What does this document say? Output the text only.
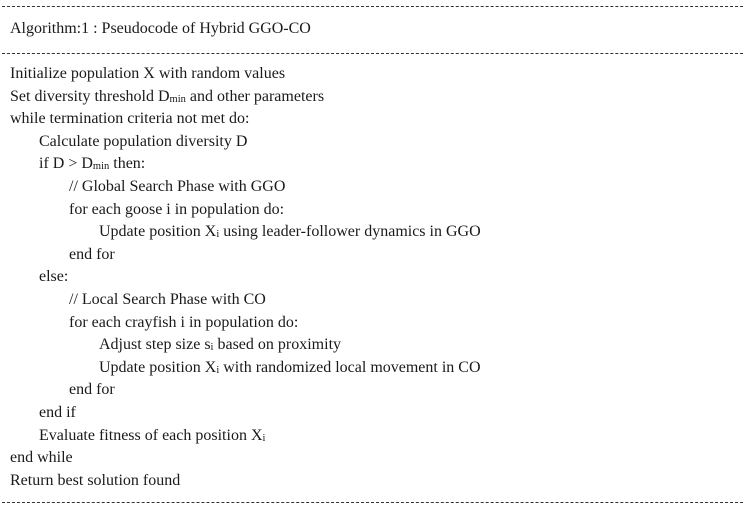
Algorithm:1 : Pseudocode of Hybrid GGO-CO
Initialize population X with random values
Set diversity threshold $D_{min}$ and other parameters
while termination criteria not met do:
Calculate population diversity D
if $D > D_{min}$ then:
// Global Search Phase with GGO
for each goose i in population do:
Update position $X_i$ using leader-follower dynamics in GGO
end for
else:
// Local Search Phase with CO
for each crayfish i in population do:
Adjust step size $s_i$ based on proximity
Update position $X_i$ with randomized local movement in CO
end for
end if
Evaluate fitness of each position $X_i$
end while
Return best solution found
